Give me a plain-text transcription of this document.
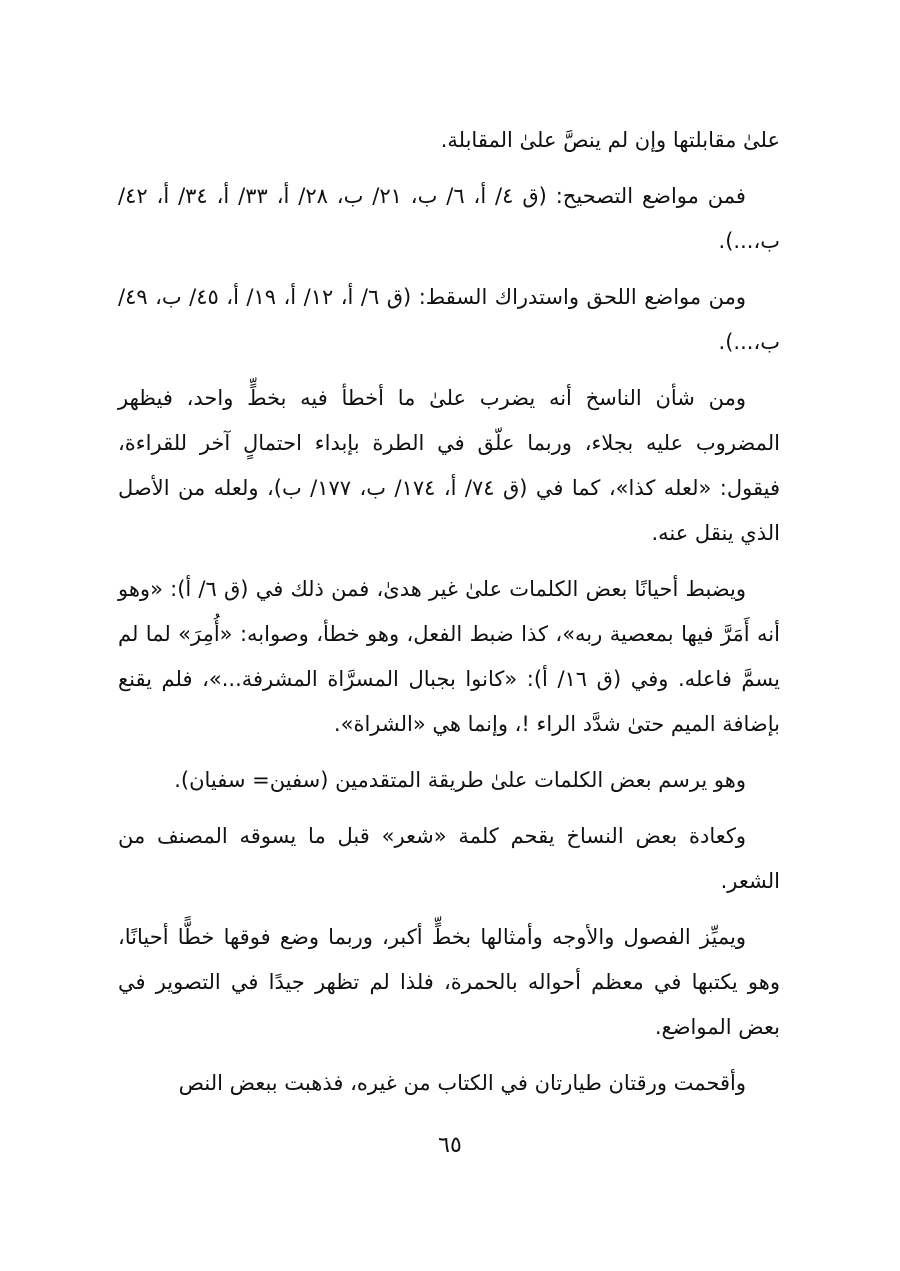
علىٰ مقابلتها وإن لم ينصَّ علىٰ المقابلة.

فمن مواضع التصحيح: (ق ٤/ أ، ٦/ ب، ٢١/ ب، ٢٨/ أ، ٣٣/ أ، ٣٤/ أ، ٤٢/ ب،...).

ومن مواضع اللحق واستدراك السقط: (ق ٦/ أ، ١٢/ أ، ١٩/ أ، ٤٥/ ب، ٤٩/ ب،...).

ومن شأن الناسخ أنه يضرب علىٰ ما أخطأ فيه بخطٍّ واحد، فيظهر المضروب عليه بجلاء، وربما علّق في الطرة بإبداء احتمالٍ آخر للقراءة، فيقول: «لعله كذا»، كما في (ق ٧٤/ أ، ١٧٤/ ب، ١٧٧/ ب)، ولعله من الأصل الذي ينقل عنه.

ويضبط أحيانًا بعض الكلمات علىٰ غير هدىٰ، فمن ذلك في (ق ٦/ أ): «وهو أنه أَمَرَّ فيها بمعصية ربه»، كذا ضبط الفعل، وهو خطأ، وصوابه: «أُمِرَ» لما لم يسمَّ فاعله. وفي (ق ١٦/ أ): «كانوا بجبال المسرَّاة المشرفة...»، فلم يقنع بإضافة الميم حتىٰ شدَّد الراء !، وإنما هي «الشراة».

وهو يرسم بعض الكلمات علىٰ طريقة المتقدمين (سفين= سفيان).

وكعادة بعض النساخ يقحم كلمة «شعر» قبل ما يسوقه المصنف من الشعر.

ويميِّز الفصول والأوجه وأمثالها بخطٍّ أكبر، وربما وضع فوقها خطًّا أحيانًا، وهو يكتبها في معظم أحواله بالحمرة، فلذا لم تظهر جيدًا في التصوير في بعض المواضع.

وأقحمت ورقتان طيارتان في الكتاب من غيره، فذهبت ببعض النص

٦٥
